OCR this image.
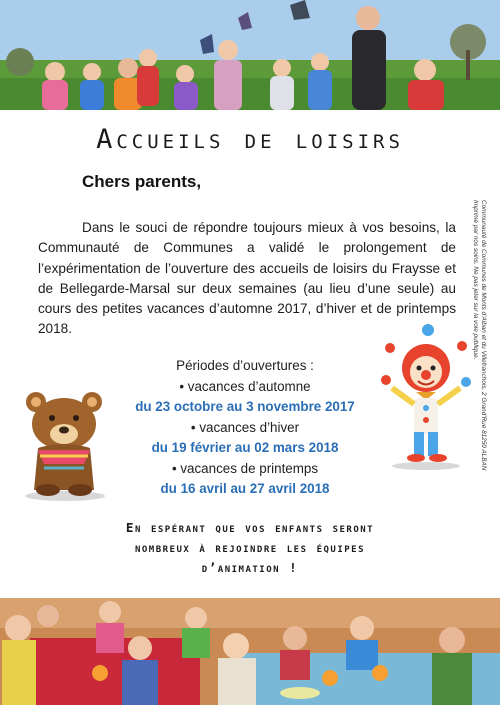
Accueils de loisirs
Chers parents,

Dans le souci de répondre toujours mieux à vos besoins, la Communauté de Communes a validé le prolongement de l’expérimentation de l’ouverture des accueils de loisirs du Fraysse et de Bellegarde-Marsal sur deux semaines (au lieu d’une seule) au cours des petites vacances d’automne 2017, d’hiver et de printemps 2018.

Périodes d’ouvertures :
• vacances d’automne
du 23 octobre au 3 novembre 2017
• vacances d’hiver
du 19 février au 02 mars 2018
• vacances de printemps
du 16 avril au 27 avril 2018
Communauté de Communes de Monts d’Alban et du Villefranchois, 2 Grand’Rue 81250 ALBAN
Imprimé par nos soins. Ne pas jeter sur la voie publique.
En espérant que vos enfants seront
nombreux à rejoindre les équipes
d’animation !
